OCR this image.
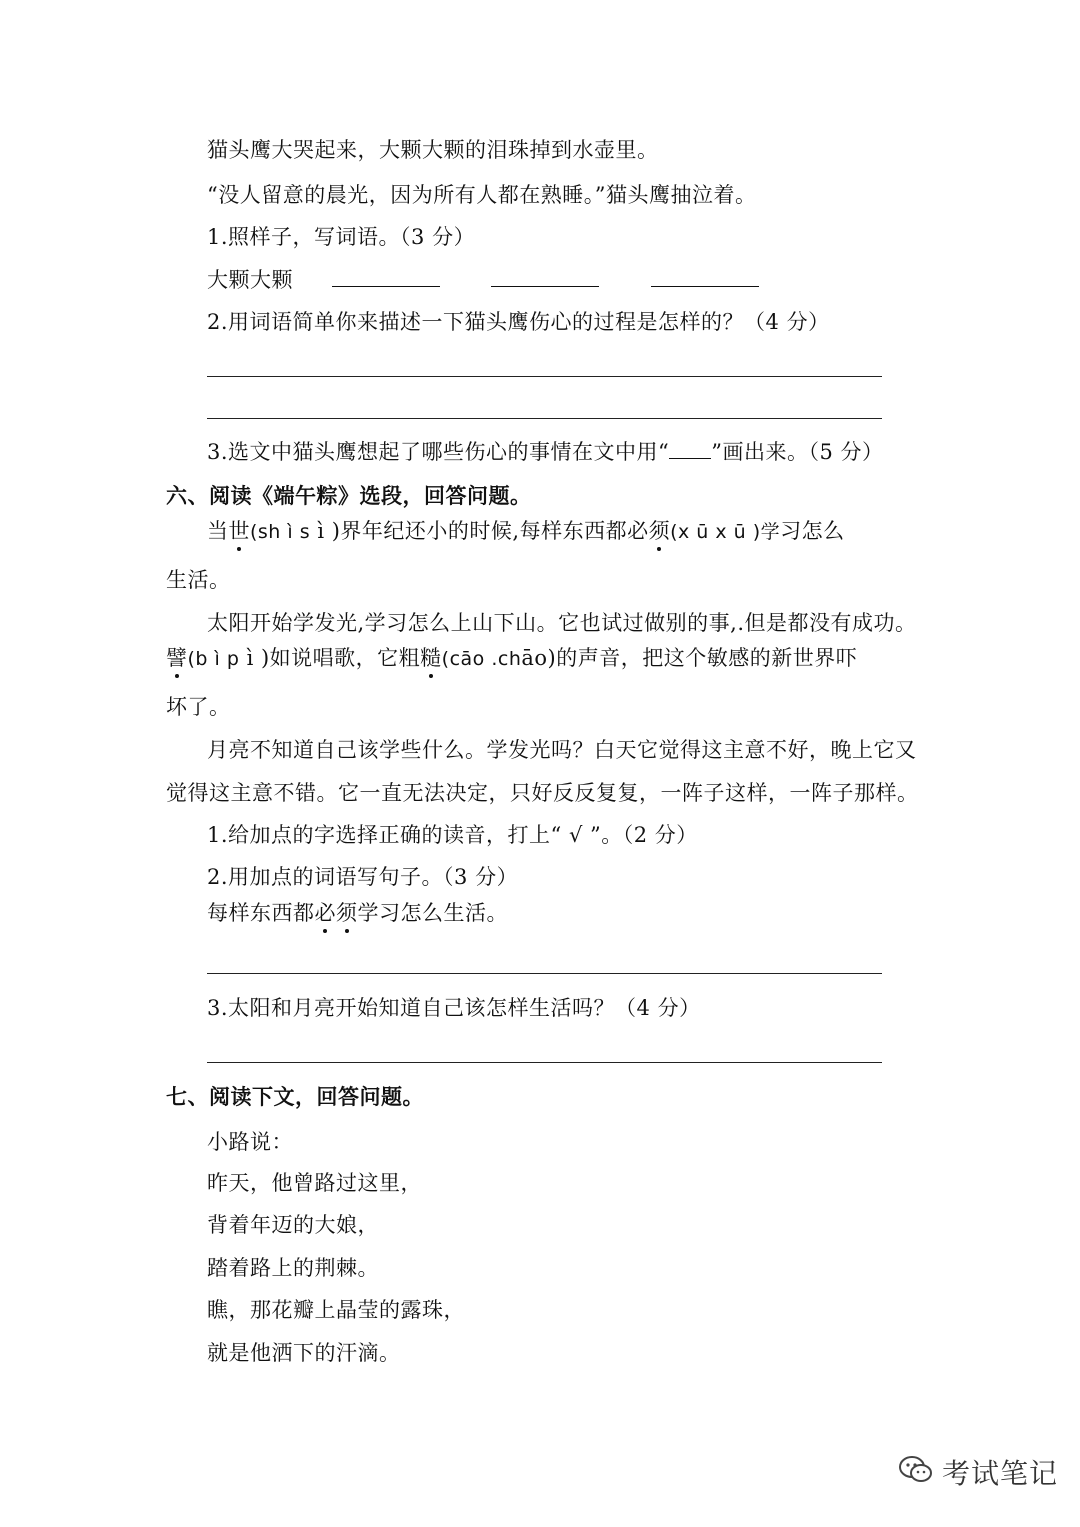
猫头鹰大哭起来，大颗大颗的泪珠掉到水壶里。
“没人留意的晨光，因为所有人都在熟睡。”猫头鹰抽泣着。
1.照样子，写词语。（3 分）
大颗大颗
2.用词语简单你来描述一下猫头鹰伤心的过程是怎样的？（4 分）
3.选文中猫头鹰想起了哪些伤心的事情在文中用“ ”画出来。（5 分）
六、阅读《端午粽》选段，回答问题。
当世(sh ì s ì )界年纪还小的时候,每样东西都必须(x ū x ū )学习怎么
生活。
太阳开始学发光,学习怎么上山下山。它也试过做别的事,.但是都没有成功。
譬(b ì p ì )如说唱歌，它粗糙(cāo .chāo)的声音，把这个敏感的新世界吓
坏了。
月亮不知道自己该学些什么。学发光吗？白天它觉得这主意不好，晚上它又
觉得这主意不错。它一直无法决定，只好反反复复，一阵子这样，一阵子那样。
1.给加点的字选择正确的读音，打上“ √ ”。（2 分）
2.用加点的词语写句子。（3 分）
每样东西都必须学习怎么生活。
3.太阳和月亮开始知道自己该怎样生活吗？（4 分）
七、阅读下文，回答问题。
小路说：
昨天，他曾路过这里，
背着年迈的大娘，
踏着路上的荆棘。
瞧，那花瓣上晶莹的露珠，
就是他洒下的汗滴。
考试笔记
